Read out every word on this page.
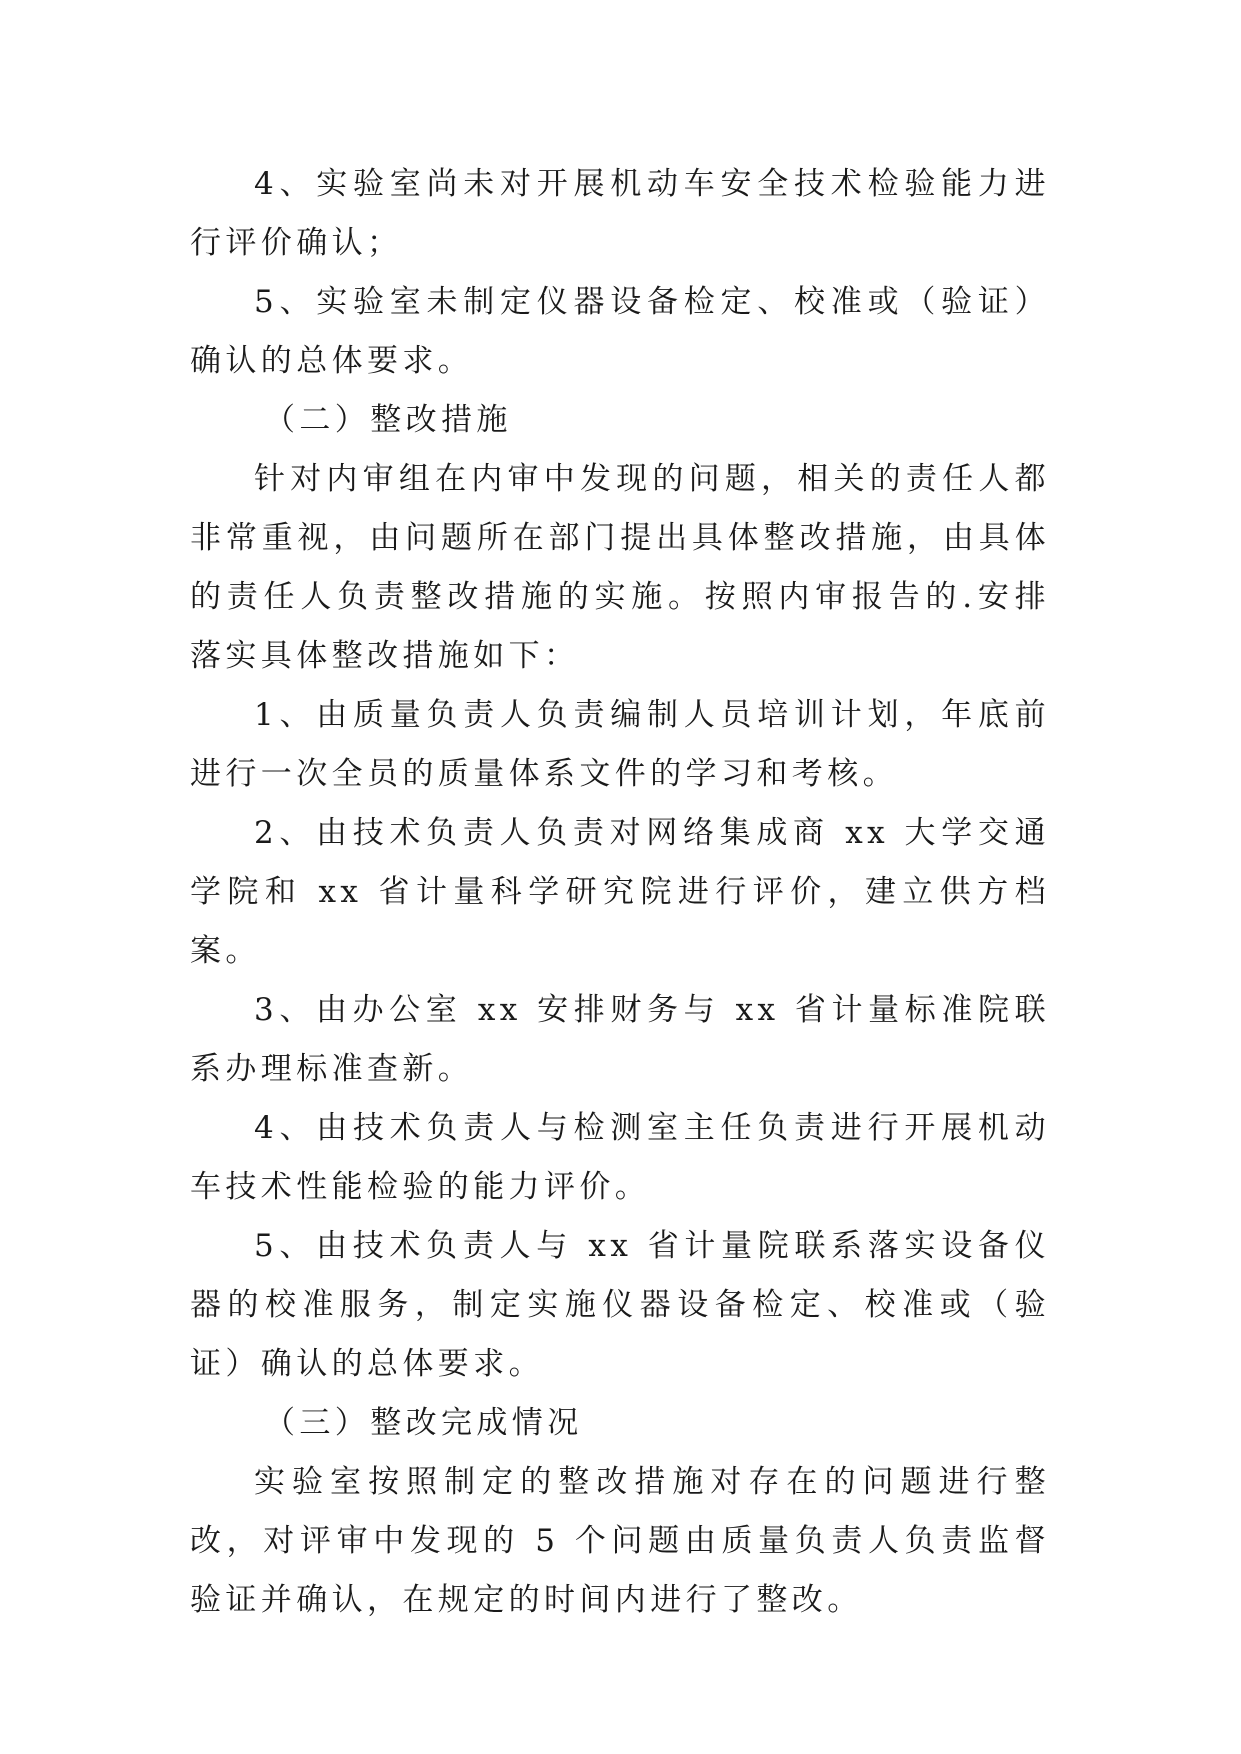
4、实验室尚未对开展机动车安全技术检验能力进行评价确认；

5、实验室未制定仪器设备检定、校准或（验证）确认的总体要求。

（二）整改措施

针对内审组在内审中发现的问题，相关的责任人都非常重视，由问题所在部门提出具体整改措施，由具体的责任人负责整改措施的实施。按照内审报告的.安排落实具体整改措施如下：

1、由质量负责人负责编制人员培训计划，年底前进行一次全员的质量体系文件的学习和考核。

2、由技术负责人负责对网络集成商 xx 大学交通学院和 xx 省计量科学研究院进行评价，建立供方档案。

3、由办公室 xx 安排财务与 xx 省计量标准院联系办理标准查新。

4、由技术负责人与检测室主任负责进行开展机动车技术性能检验的能力评价。

5、由技术负责人与 xx 省计量院联系落实设备仪器的校准服务，制定实施仪器设备检定、校准或（验证）确认的总体要求。

（三）整改完成情况

实验室按照制定的整改措施对存在的问题进行整改，对评审中发现的 5 个问题由质量负责人负责监督验证并确认，在规定的时间内进行了整改。
